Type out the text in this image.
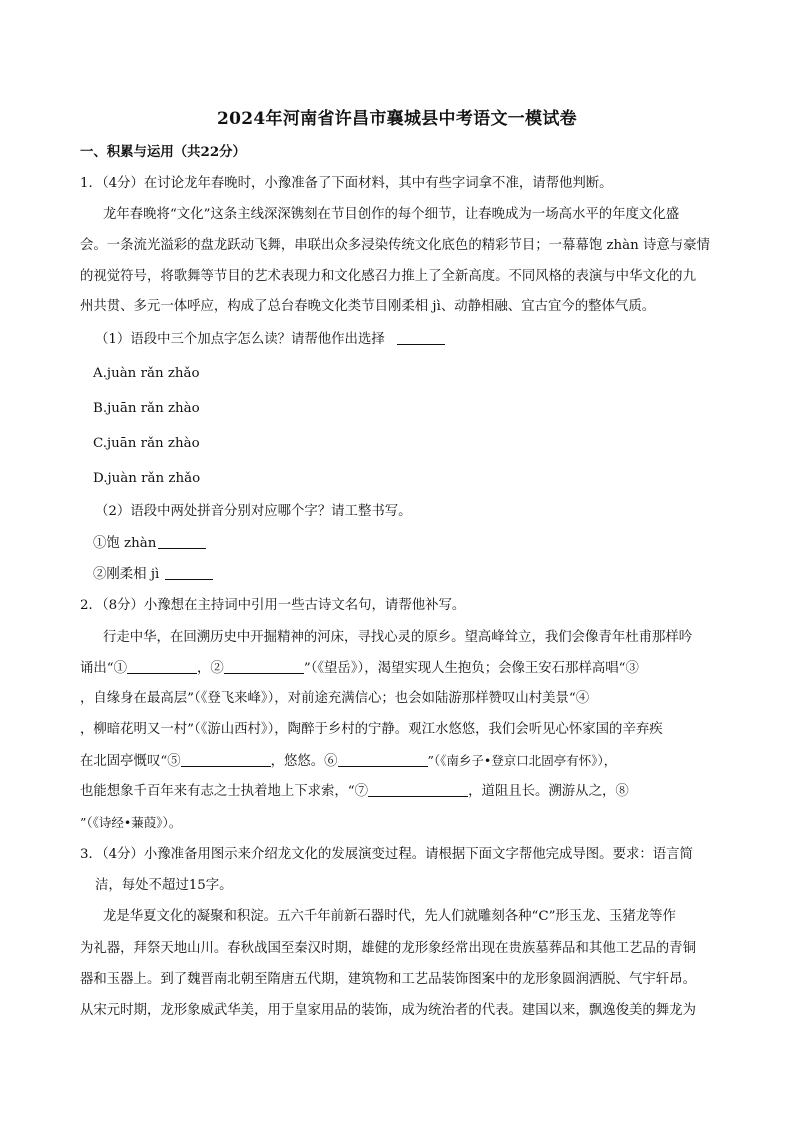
2024年河南省许昌市襄城县中考语文一模试卷
一、积累与运用（共22分）
1．（4分）在讨论龙年春晚时，小豫准备了下面材料，其中有些字词拿不准，请帮他判断。
龙年春晚将“文化”这条主线深深镌刻在节目创作的每个细节，让春晚成为一场高水平的年度文化盛
会。一条流光溢彩的盘龙跃动飞舞，串联出众多浸染传统文化底色的精彩节目；一幕幕饱 zhàn 诗意与豪情
的视觉符号，将歌舞等节目的艺术表现力和文化感召力推上了全新高度。不同风格的表演与中华文化的九
州共贯、多元一体呼应，构成了总台春晚文化类节目刚柔相 jì、动静相融、宜古宜今的整体气质。
（1）语段中三个加点字怎么读？请帮他作出选择
A.juàn rǎn zhǎo
B.juān rǎn zhào
C.juān rǎn zhào
D.juàn rǎn zhǎo
（2）语段中两处拼音分别对应哪个字？请工整书写。
①饱 zhàn
②刚柔相 jì
2．（8分）小豫想在主持词中引用一些古诗文名句，请帮他补写。
行走中华，在回溯历史中开掘精神的河床，寻找心灵的原乡。望高峰耸立，我们会像青年杜甫那样吟
诵出“①	，②	”（《望岳》），渴望实现人生抱负；会像王安石那样高唱“③
，自缘身在最高层”（《登飞来峰》），对前途充满信心；也会如陆游那样赞叹山村美景“④
，柳暗花明又一村”（《游山西村》），陶醉于乡村的宁静。观江水悠悠，我们会听见心怀家国的辛弃疾
在北固亭慨叹“⑤	，悠悠。⑥	”（《南乡子•登京口北固亭有怀》），
也能想象千百年来有志之士执着地上下求索，“⑦	，道阻且长。溯游从之，⑧
”（《诗经•蒹葭》）。
3．（4分）小豫准备用图示来介绍龙文化的发展演变过程。请根据下面文字帮他完成导图。要求：语言简
洁，每处不超过15字。
龙是华夏文化的凝聚和积淀。五六千年前新石器时代，先人们就雕刻各种“C”形玉龙、玉猪龙等作
为礼器，拜祭天地山川。春秋战国至秦汉时期，雄健的龙形象经常出现在贵族墓葬品和其他工艺品的青铜
器和玉器上。到了魏晋南北朝至隋唐五代期，建筑物和工艺品装饰图案中的龙形象圆润洒脱、气宇轩昂。
从宋元时期，龙形象威武华美，用于皇家用品的装饰，成为统治者的代表。建国以来，飘逸俊美的舞龙为
